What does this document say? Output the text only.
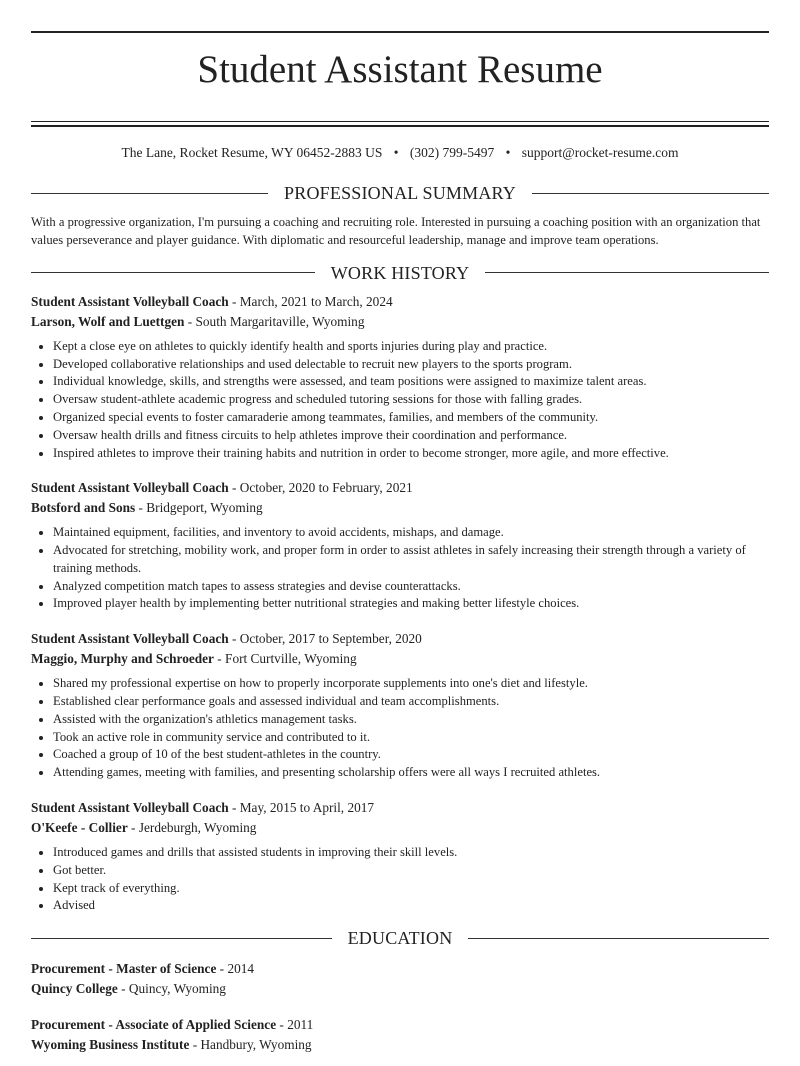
Student Assistant Resume
The Lane, Rocket Resume, WY 06452-2883 US • (302) 799-5497 • support@rocket-resume.com
PROFESSIONAL SUMMARY

With a progressive organization, I'm pursuing a coaching and recruiting role. Interested in pursuing a coaching position with an organization that values perseverance and player guidance. With diplomatic and resourceful leadership, manage and improve team operations.

WORK HISTORY
Student Assistant Volleyball Coach - March, 2021 to March, 2024
Larson, Wolf and Luettgen - South Margaritaville, Wyoming
• Kept a close eye on athletes to quickly identify health and sports injuries during play and practice.
• Developed collaborative relationships and used delectable to recruit new players to the sports program.
• Individual knowledge, skills, and strengths were assessed, and team positions were assigned to maximize talent areas.
• Oversaw student-athlete academic progress and scheduled tutoring sessions for those with falling grades.
• Organized special events to foster camaraderie among teammates, families, and members of the community.
• Oversaw health drills and fitness circuits to help athletes improve their coordination and performance.
• Inspired athletes to improve their training habits and nutrition in order to become stronger, more agile, and more effective.
Student Assistant Volleyball Coach - October, 2020 to February, 2021
Botsford and Sons - Bridgeport, Wyoming
• Maintained equipment, facilities, and inventory to avoid accidents, mishaps, and damage.
• Advocated for stretching, mobility work, and proper form in order to assist athletes in safely increasing their strength through a variety of training methods.
• Analyzed competition match tapes to assess strategies and devise counterattacks.
• Improved player health by implementing better nutritional strategies and making better lifestyle choices.
Student Assistant Volleyball Coach - October, 2017 to September, 2020
Maggio, Murphy and Schroeder - Fort Curtville, Wyoming
• Shared my professional expertise on how to properly incorporate supplements into one's diet and lifestyle.
• Established clear performance goals and assessed individual and team accomplishments.
• Assisted with the organization's athletics management tasks.
• Took an active role in community service and contributed to it.
• Coached a group of 10 of the best student-athletes in the country.
• Attending games, meeting with families, and presenting scholarship offers were all ways I recruited athletes.
Student Assistant Volleyball Coach - May, 2015 to April, 2017
O'Keefe - Collier - Jerdeburgh, Wyoming
• Introduced games and drills that assisted students in improving their skill levels.
• Got better.
• Kept track of everything.
• Advised
EDUCATION
Procurement - Master of Science - 2014
Quincy College - Quincy, Wyoming
Procurement - Associate of Applied Science - 2011
Wyoming Business Institute - Handbury, Wyoming
